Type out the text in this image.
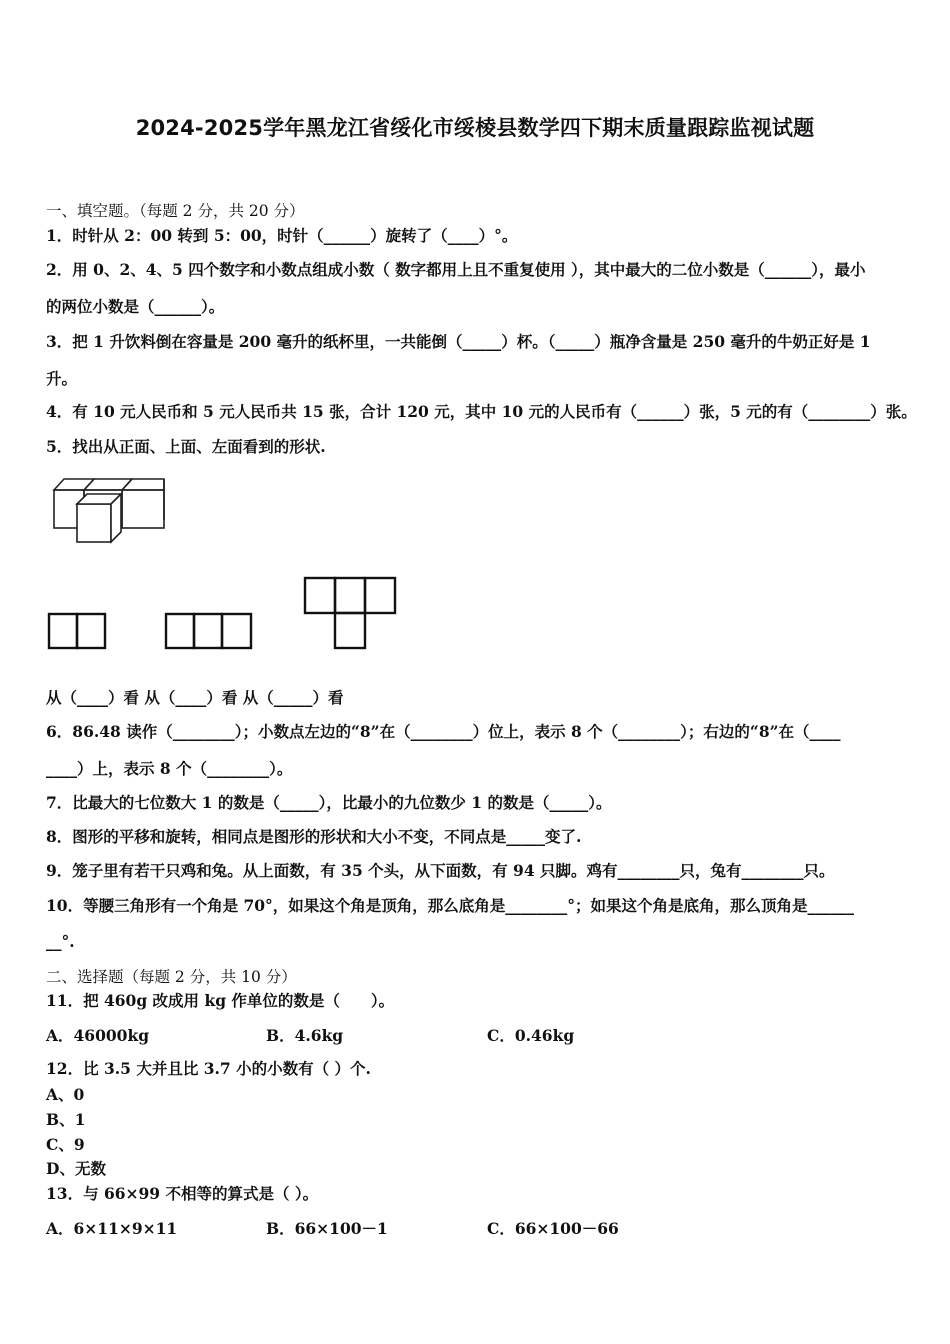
2024-2025学年黑龙江省绥化市绥棱县数学四下期末质量跟踪监视试题
一、填空题。（每题 2 分，共 20 分）
1．时针从 2：00 转到 5：00，时针（______）旋转了（____）°。
2．用 0、2、4、5 四个数字和小数点组成小数（ 数字都用上且不重复使用 ），其中最大的二位小数是（______），最小
的两位小数是（______）。
3．把 1 升饮料倒在容量是 200 毫升的纸杯里，一共能倒（_____）杯。（_____）瓶净含量是 250 毫升的牛奶正好是 1
升。
4．有 10 元人民币和 5 元人民币共 15 张，合计 120 元，其中 10 元的人民币有（______）张，5 元的有（________）张。
5．找出从正面、上面、左面看到的形状.
从（____）看 从（____）看 从（_____）看
6．86.48 读作（________）；小数点左边的“8”在（________）位上，表示 8 个（________）；右边的“8”在（____
____）上，表示 8 个（________）。
7．比最大的七位数大 1 的数是（_____），比最小的九位数少 1 的数是（_____）。
8．图形的平移和旋转，相同点是图形的形状和大小不变，不同点是_____变了.
9．笼子里有若干只鸡和兔。从上面数，有 35 个头，从下面数，有 94 只脚。鸡有________只，兔有________只。
10．等腰三角形有一个角是 70°，如果这个角是顶角，那么底角是________°；如果这个角是底角，那么顶角是______
__°.
二、选择题（每题 2 分，共 10 分）
11．把 460g 改成用 kg 作单位的数是（　　）。
A．46000kg	B．4.6kg	C．0.46kg
12．比 3.5 大并且比 3.7 小的小数有（ ）个.
A、0
B、1
C、9
D、无数
13．与 66×99 不相等的算式是（ ）。
A．6×11×9×11	B．66×100－1	C．66×100－66
